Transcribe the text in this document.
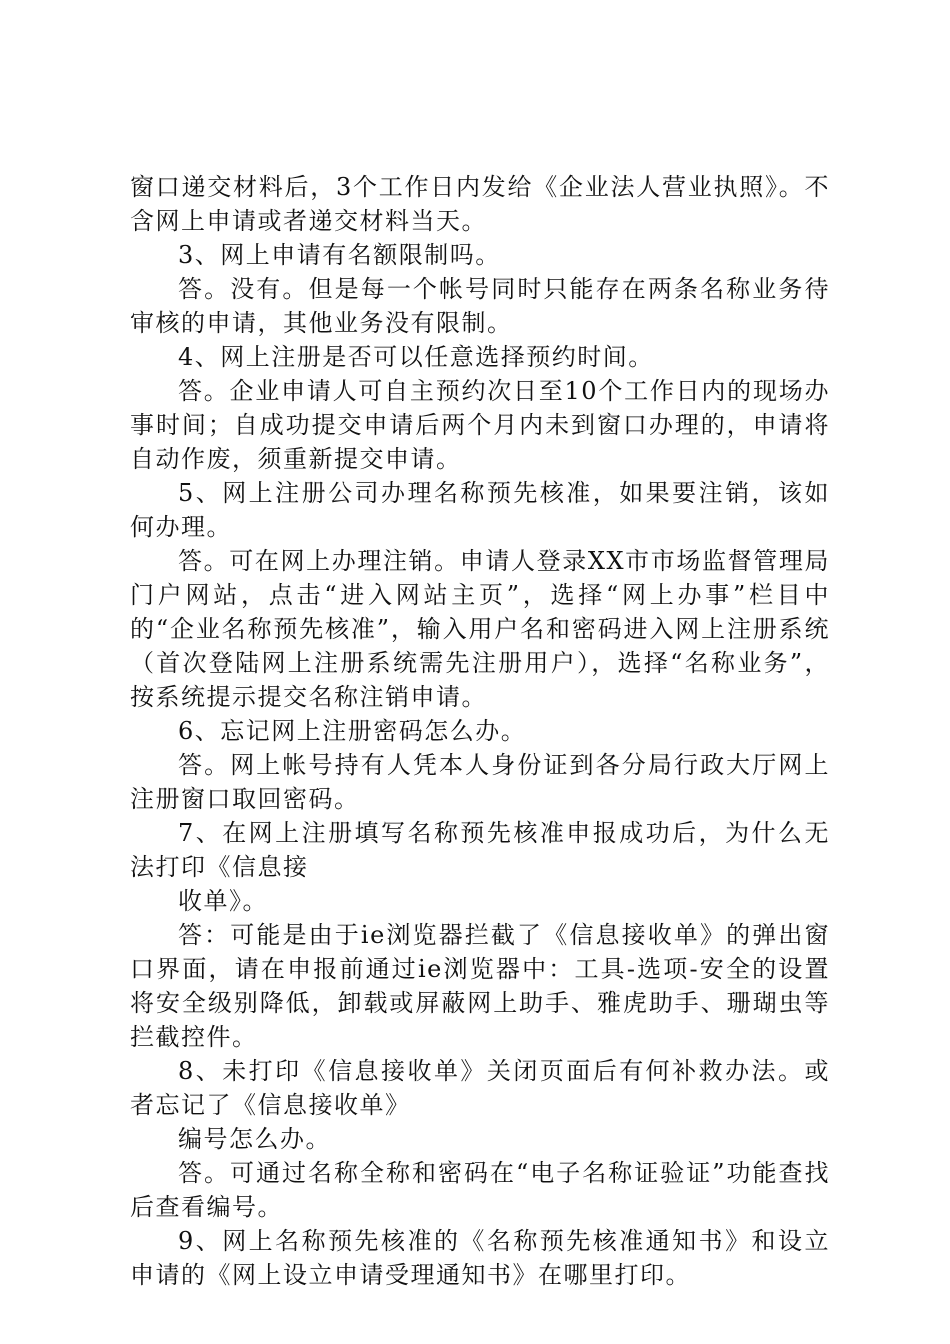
窗口递交材料后，3个工作日内发给《企业法人营业执照》。不含网上申请或者递交材料当天。

3、网上申请有名额限制吗。

答。没有。但是每一个帐号同时只能存在两条名称业务待审核的申请，其他业务没有限制。

4、网上注册是否可以任意选择预约时间。

答。企业申请人可自主预约次日至10个工作日内的现场办事时间；自成功提交申请后两个月内未到窗口办理的，申请将自动作废，须重新提交申请。

5、网上注册公司办理名称预先核准，如果要注销，该如何办理。

答。可在网上办理注销。申请人登录XX市市场监督管理局门户网站，点击“进入网站主页”，选择“网上办事”栏目中的“企业名称预先核准”，输入用户名和密码进入网上注册系统（首次登陆网上注册系统需先注册用户），选择“名称业务”，按系统提示提交名称注销申请。

6、忘记网上注册密码怎么办。

答。网上帐号持有人凭本人身份证到各分局行政大厅网上注册窗口取回密码。

7、在网上注册填写名称预先核准申报成功后，为什么无法打印《信息接

收单》。

答：可能是由于ie浏览器拦截了《信息接收单》的弹出窗口界面，请在申报前通过ie浏览器中：工具-选项-安全的设置将安全级别降低，卸载或屏蔽网上助手、雅虎助手、珊瑚虫等拦截控件。

8、未打印《信息接收单》关闭页面后有何补救办法。或者忘记了《信息接收单》

编号怎么办。

答。可通过名称全称和密码在“电子名称证验证”功能查找后查看编号。

9、网上名称预先核准的《名称预先核准通知书》和设立申请的《网上设立申请受理通知书》在哪里打印。
